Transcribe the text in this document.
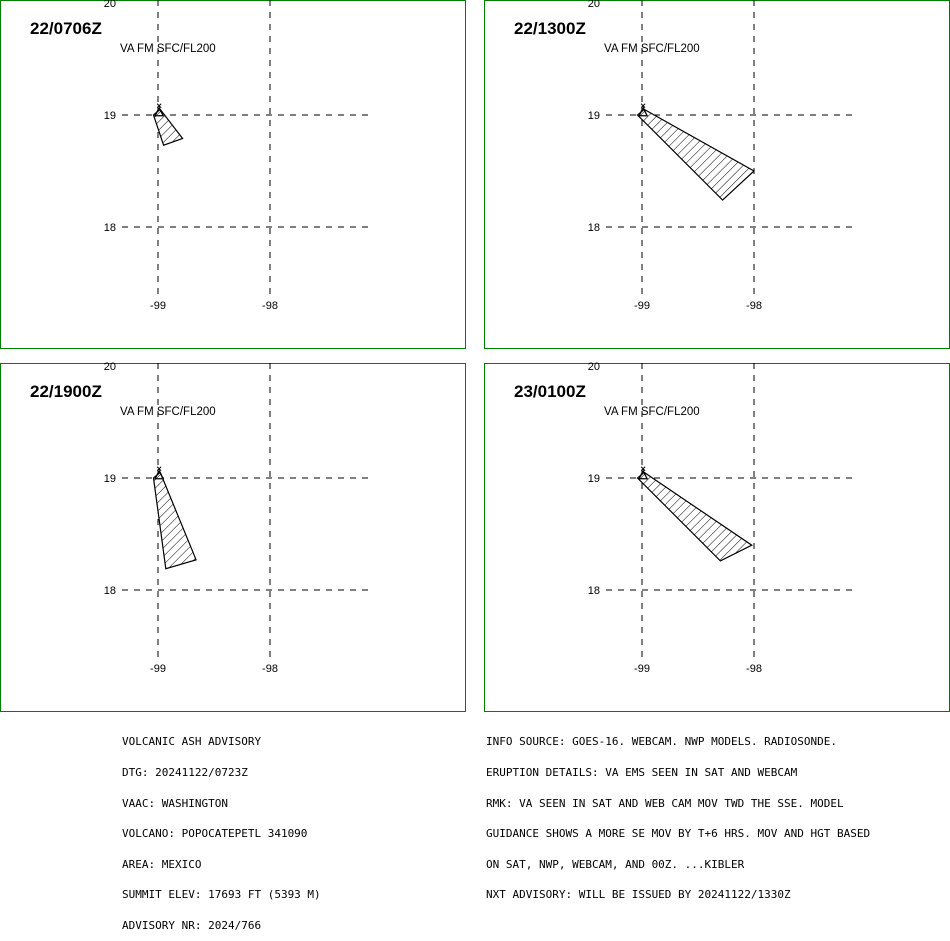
-99	-98
20
19
18
22/0706Z
VA FM SFC/FL200
-99	-98
20
19
18
22/1300Z
VA FM SFC/FL200
-99	-98
20
19
18
22/1900Z
VA FM SFC/FL200
-99	-98
20
19
18
23/0100Z
VA FM SFC/FL200

VOLCANIC ASH ADVISORY

DTG: 20241122/0723Z

VAAC: WASHINGTON

VOLCANO: POPOCATEPETL 341090

AREA: MEXICO

SUMMIT ELEV: 17693 FT (5393 M)

ADVISORY NR: 2024/766

INFO SOURCE: GOES-16. WEBCAM. NWP MODELS. RADIOSONDE.

ERUPTION DETAILS: VA EMS SEEN IN SAT AND WEBCAM

RMK: VA SEEN IN SAT AND WEB CAM MOV TWD THE SSE. MODEL

GUIDANCE SHOWS A MORE SE MOV BY T+6 HRS. MOV AND HGT BASED

ON SAT, NWP, WEBCAM, AND 00Z. ...KIBLER

NXT ADVISORY: WILL BE ISSUED BY 20241122/1330Z
